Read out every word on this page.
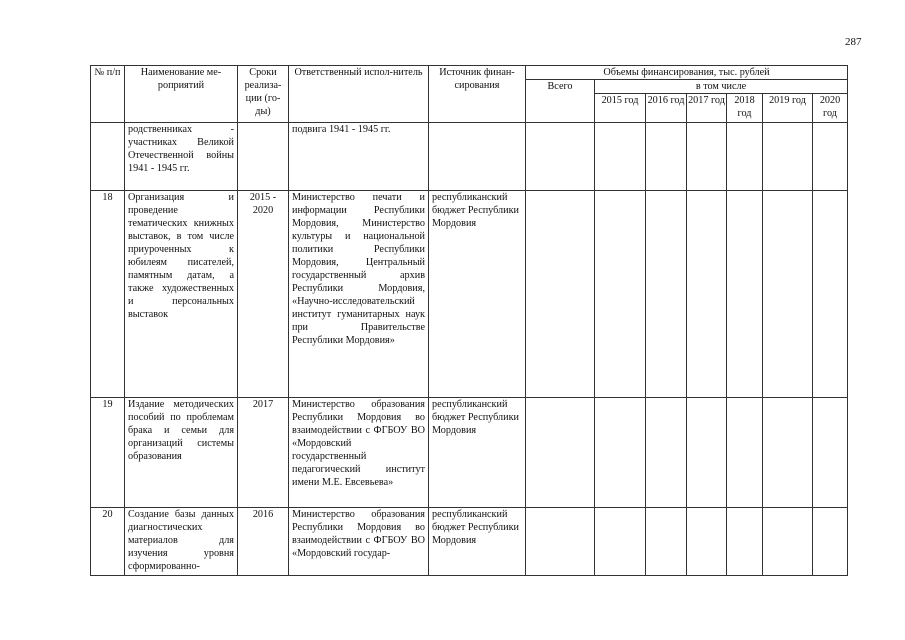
287
№ п/п	Наименование ме-роприятий	Сроки реализа-ции (го-ды)	Ответственный испол-нитель	Источник финан-сирования	Объемы финансирования, тыс. рублей						
					Всего	в том числе					
						2015 год	2016 год	2017 год	2018 год	2019 год	2020 год
	родственниках - участниках Великой Отечественной войны 1941 - 1945 гг.		подвига 1941 - 1945 гг.								
18	Организация и проведение тематических книжных выставок, в том числе приуроченных к юбилеям писателей, памятным датам, а также художественных и персональных выставок	2015 - 2020	Министерство печати и информации Республики Мордовия, Министерство культуры и национальной политики Республики Мордовия, Центральный государственный архив Республики Мордовия, «Научно-исследовательский институт гуманитарных наук при Правительстве Республики Мордовия»	республиканский бюджет Республики Мордовия							
19	Издание методических пособий по проблемам брака и семьи для организаций системы образования	2017	Министерство образования Республики Мордовия во взаимодействии с ФГБОУ ВО «Мордовский государственный педагогический институт имени М.Е. Евсевьева»	республиканский бюджет Республики Мордовия							
20	Создание базы данных диагностических материалов для изучения уровня сформированно-	2016	Министерство образования Республики Мордовия во взаимодействии с ФГБОУ ВО «Мордовский государ-	республиканский бюджет Республики Мордовия							
